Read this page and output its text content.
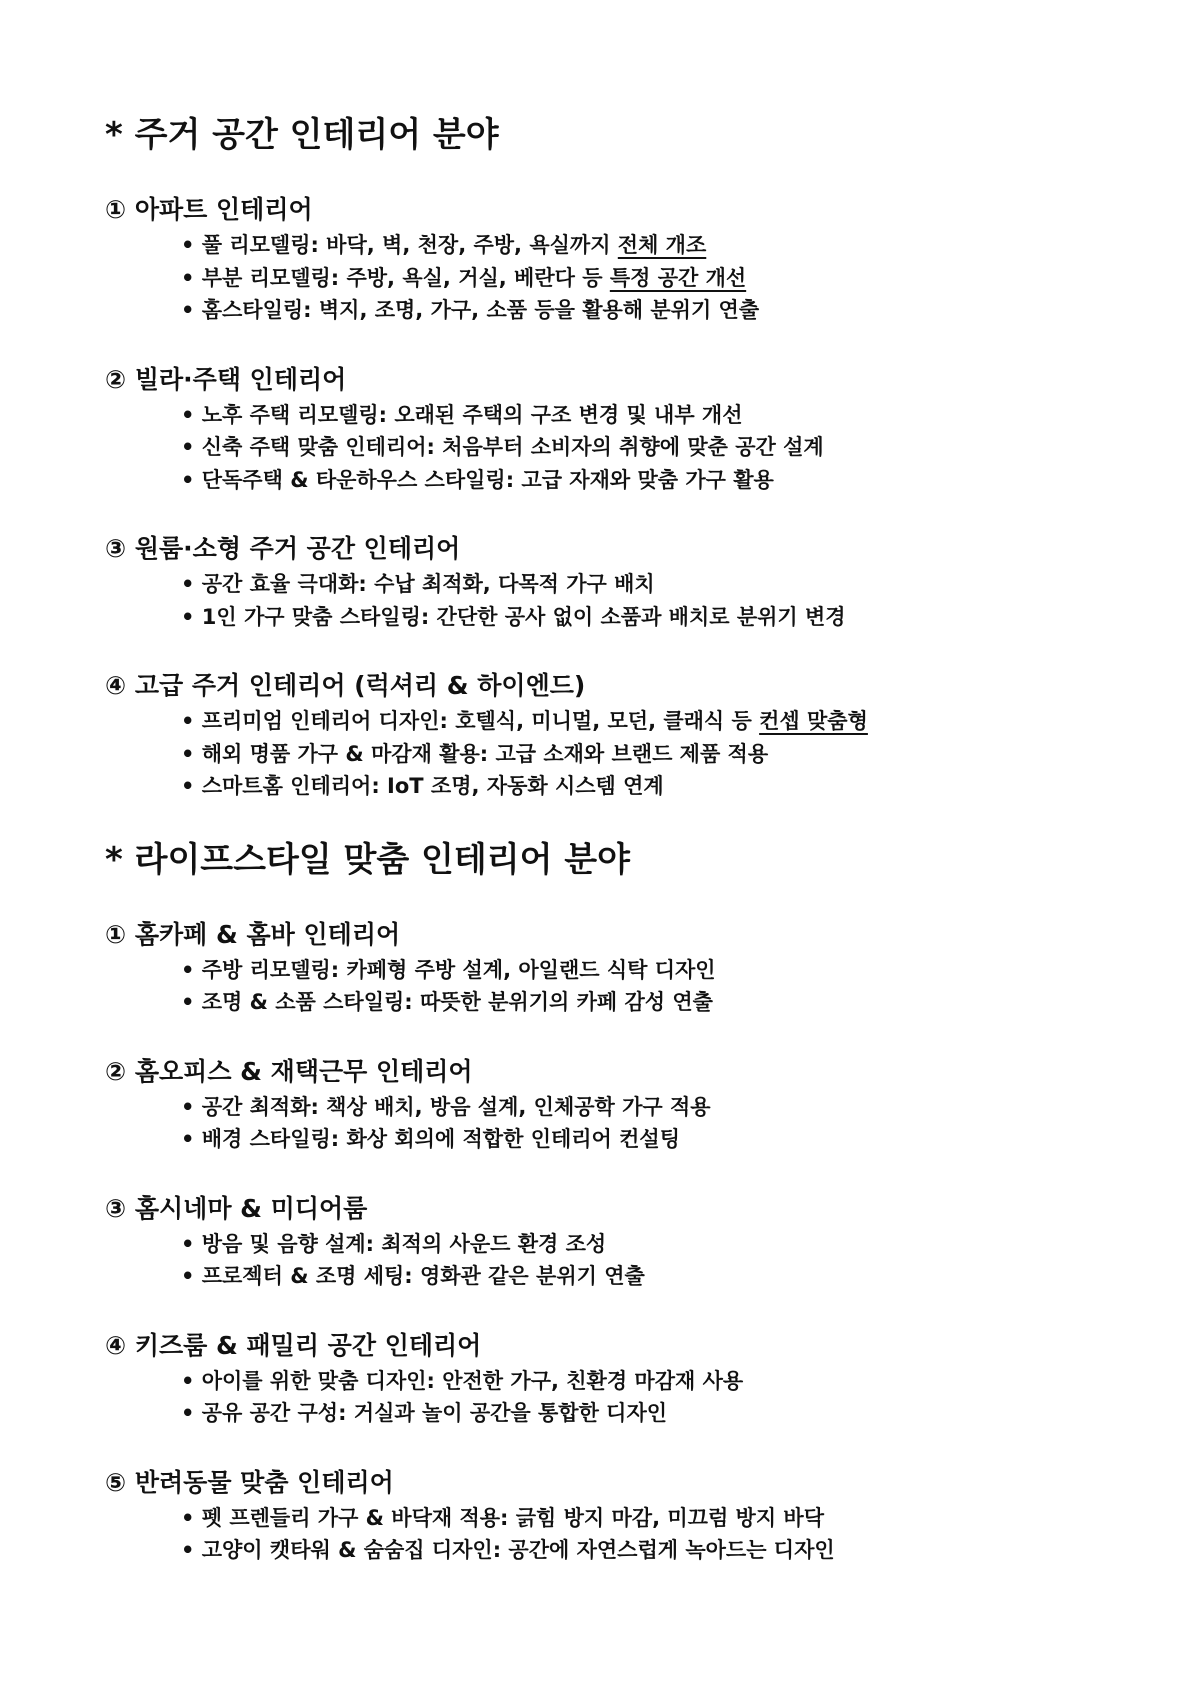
* 주거 공간 인테리어 분야
① 아파트 인테리어
• 풀 리모델링: 바닥, 벽, 천장, 주방, 욕실까지 전체 개조
• 부분 리모델링: 주방, 욕실, 거실, 베란다 등 특정 공간 개선
• 홈스타일링: 벽지, 조명, 가구, 소품 등을 활용해 분위기 연출
② 빌라·주택 인테리어
• 노후 주택 리모델링: 오래된 주택의 구조 변경 및 내부 개선
• 신축 주택 맞춤 인테리어: 처음부터 소비자의 취향에 맞춘 공간 설계
• 단독주택 & 타운하우스 스타일링: 고급 자재와 맞춤 가구 활용
③ 원룸·소형 주거 공간 인테리어
• 공간 효율 극대화: 수납 최적화, 다목적 가구 배치
• 1인 가구 맞춤 스타일링: 간단한 공사 없이 소품과 배치로 분위기 변경
④ 고급 주거 인테리어 (럭셔리 & 하이엔드)
• 프리미엄 인테리어 디자인: 호텔식, 미니멀, 모던, 클래식 등 컨셉 맞춤형
• 해외 명품 가구 & 마감재 활용: 고급 소재와 브랜드 제품 적용
• 스마트홈 인테리어: IoT 조명, 자동화 시스템 연계
* 라이프스타일 맞춤 인테리어 분야
① 홈카페 & 홈바 인테리어
• 주방 리모델링: 카페형 주방 설계, 아일랜드 식탁 디자인
• 조명 & 소품 스타일링: 따뜻한 분위기의 카페 감성 연출
② 홈오피스 & 재택근무 인테리어
• 공간 최적화: 책상 배치, 방음 설계, 인체공학 가구 적용
• 배경 스타일링: 화상 회의에 적합한 인테리어 컨설팅
③ 홈시네마 & 미디어룸
• 방음 및 음향 설계: 최적의 사운드 환경 조성
• 프로젝터 & 조명 세팅: 영화관 같은 분위기 연출
④ 키즈룸 & 패밀리 공간 인테리어
• 아이를 위한 맞춤 디자인: 안전한 가구, 친환경 마감재 사용
• 공유 공간 구성: 거실과 놀이 공간을 통합한 디자인
⑤ 반려동물 맞춤 인테리어
• 펫 프렌들리 가구 & 바닥재 적용: 긁힘 방지 마감, 미끄럼 방지 바닥
• 고양이 캣타워 & 숨숨집 디자인: 공간에 자연스럽게 녹아드는 디자인
